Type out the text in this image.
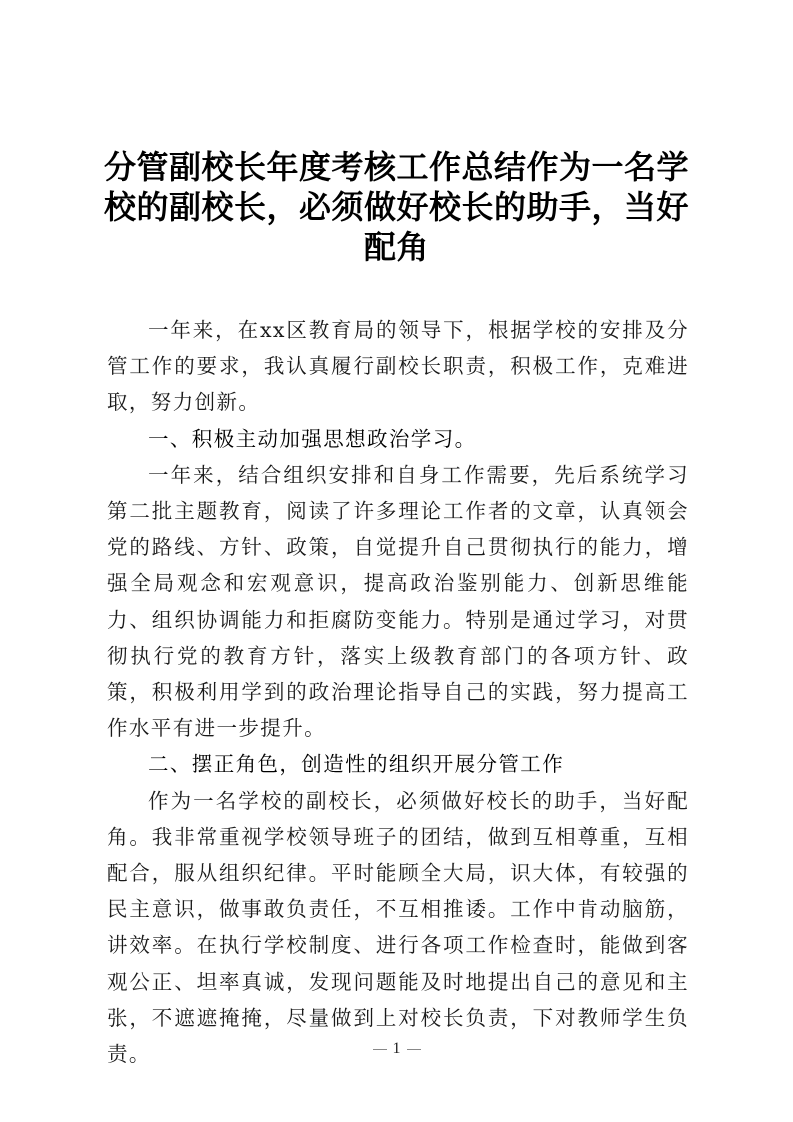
分管副校长年度考核工作总结作为一名学校的副校长，必须做好校长的助手，当好配角

一年来，在xx区教育局的领导下，根据学校的安排及分管工作的要求，我认真履行副校长职责，积极工作，克难进取，努力创新。

一、积极主动加强思想政治学习。

一年来，结合组织安排和自身工作需要，先后系统学习第二批主题教育，阅读了许多理论工作者的文章，认真领会党的路线、方针、政策，自觉提升自己贯彻执行的能力，增强全局观念和宏观意识，提高政治鉴别能力、创新思维能力、组织协调能力和拒腐防变能力。特别是通过学习，对贯彻执行党的教育方针，落实上级教育部门的各项方针、政策，积极利用学到的政治理论指导自己的实践，努力提高工作水平有进一步提升。

二、摆正角色，创造性的组织开展分管工作

作为一名学校的副校长，必须做好校长的助手，当好配角。我非常重视学校领导班子的团结，做到互相尊重，互相配合，服从组织纪律。平时能顾全大局，识大体，有较强的民主意识，做事敢负责任，不互相推诿。工作中肯动脑筋，讲效率。在执行学校制度、进行各项工作检查时，能做到客观公正、坦率真诚，发现问题能及时地提出自己的意见和主张，不遮遮掩掩，尽量做到上对校长负责，下对教师学生负责。	1
